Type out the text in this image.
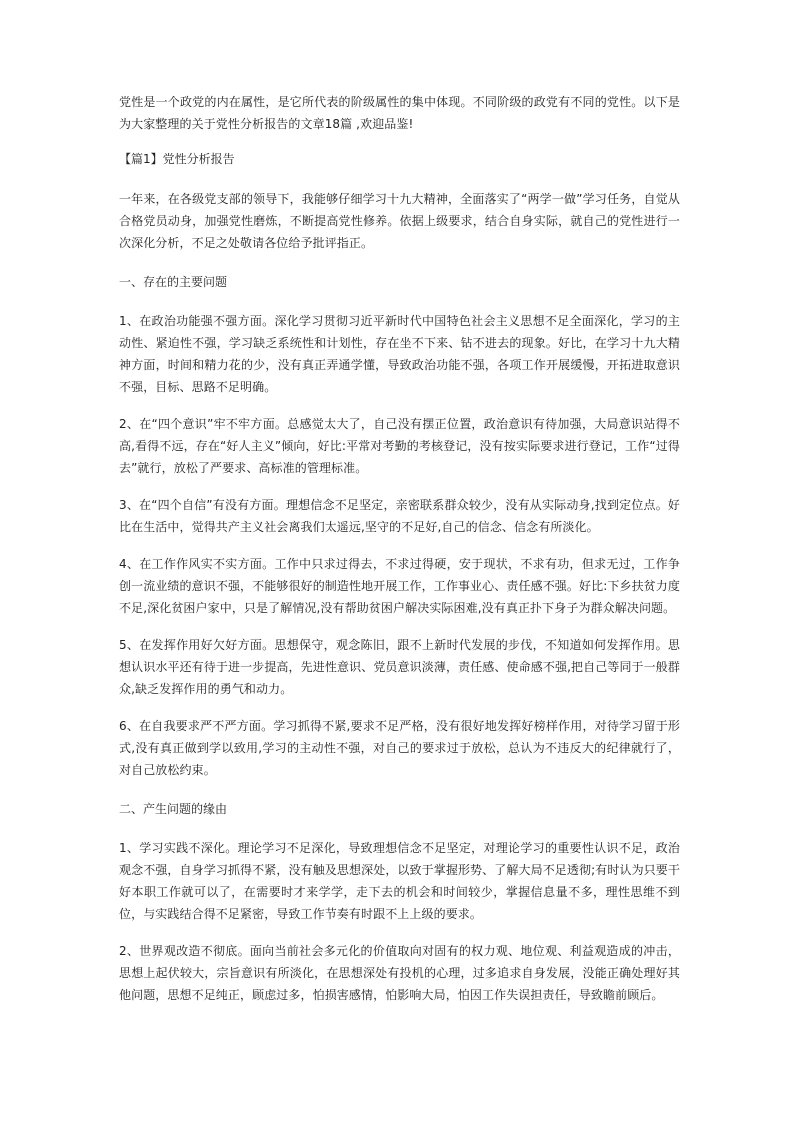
党性是一个政党的内在属性，是它所代表的阶级属性的集中体现。不同阶级的政党有不同的党性。以下是为大家整理的关于党性分析报告的文章18篇 ,欢迎品鉴!

【篇1】党性分析报告

一年来，在各级党支部的领导下，我能够仔细学习十九大精神，全面落实了“两学一做”学习任务，自觉从合格党员动身，加强党性磨炼，不断提高党性修养。依据上级要求，结合自身实际，就自己的党性进行一次深化分析，不足之处敬请各位给予批评指正。

一、存在的主要问题

1、在政治功能强不强方面。深化学习贯彻习近平新时代中国特色社会主义思想不足全面深化，学习的主动性、紧迫性不强，学习缺乏系统性和计划性，存在坐不下来、钻不进去的现象。好比，在学习十九大精神方面，时间和精力花的少，没有真正弄通学懂，导致政治功能不强，各项工作开展缓慢，开拓进取意识不强，目标、思路不足明确。

2、在“四个意识”牢不牢方面。总感觉太大了，自己没有摆正位置，政治意识有待加强，大局意识站得不高,看得不远，存在“好人主义”倾向，好比:平常对考勤的考核登记，没有按实际要求进行登记，工作“过得去”就行，放松了严要求、高标准的管理标准。

3、在“四个自信”有没有方面。理想信念不足坚定，亲密联系群众较少，没有从实际动身,找到定位点。好比在生活中，觉得共产主义社会离我们太遥远,坚守的不足好,自己的信念、信念有所淡化。

4、在工作作风实不实方面。工作中只求过得去，不求过得硬，安于现状，不求有功，但求无过，工作争创一流业绩的意识不强，不能够很好的制造性地开展工作，工作事业心、责任感不强。好比:下乡扶贫力度不足,深化贫困户家中，只是了解情况,没有帮助贫困户解决实际困难,没有真正扑下身子为群众解决问题。

5、在发挥作用好欠好方面。思想保守，观念陈旧，跟不上新时代发展的步伐，不知道如何发挥作用。思想认识水平还有待于进一步提高，先进性意识、党员意识淡薄，责任感、使命感不强,把自己等同于一般群众,缺乏发挥作用的勇气和动力。

6、在自我要求严不严方面。学习抓得不紧,要求不足严格，没有很好地发挥好榜样作用，对待学习留于形式,没有真正做到学以致用,学习的主动性不强，对自己的要求过于放松，总认为不违反大的纪律就行了，对自己放松约束。

二、产生问题的缘由

1、学习实践不深化。理论学习不足深化，导致理想信念不足坚定，对理论学习的重要性认识不足，政治观念不强，自身学习抓得不紧，没有触及思想深处，以致于掌握形势、了解大局不足透彻;有时认为只要干好本职工作就可以了，在需要时才来学学，走下去的机会和时间较少，掌握信息量不多，理性思维不到位，与实践结合得不足紧密，导致工作节奏有时跟不上上级的要求。

2、世界观改造不彻底。面向当前社会多元化的价值取向对固有的权力观、地位观、利益观造成的冲击，思想上起伏较大，宗旨意识有所淡化，在思想深处有投机的心理，过多追求自身发展，没能正确处理好其他问题，思想不足纯正，顾虑过多，怕损害感情，怕影响大局，怕因工作失误担责任，导致瞻前顾后。
